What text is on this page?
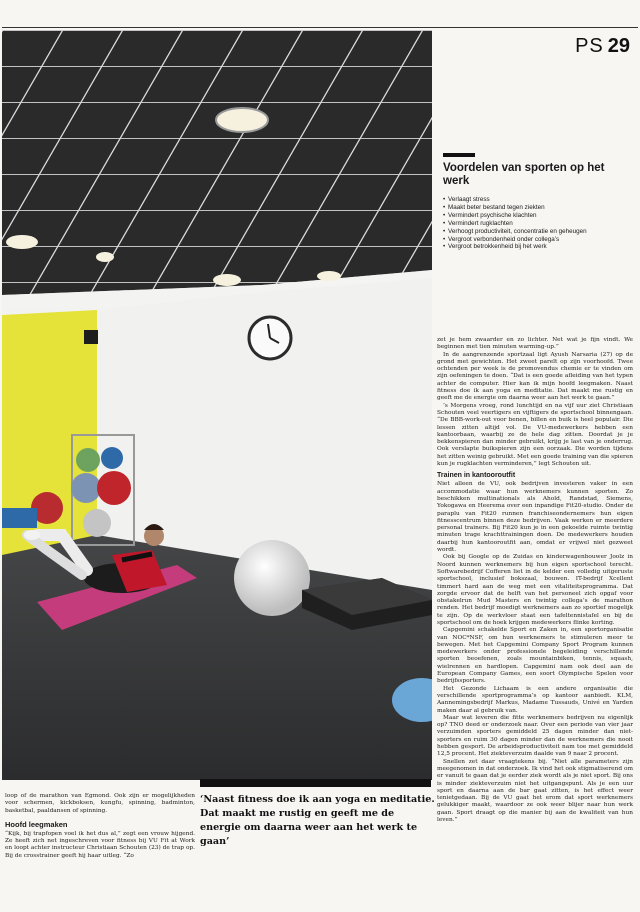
PS 29
Voordelen van sporten op het werk
• Verlaagt stress
• Maakt beter bestand tegen ziekten
• Vermindert psychische klachten
• Vermindert rugklachten
• Verhoogt productiviteit, concentratie en geheugen
• Vergroot verbondenheid onder collega’s
• Vergroot betrokkenheid bij het werk

zet je hem zwaarder en zo lichter. Net wat je fijn vindt. We beginnen met tien minuten warming-up.”

In de aangrenzende sportzaal ligt Ayush Narsaria (27) op de grond met gewichten. Het zweet parelt op zijn voorhoofd. Twee ochtenden per week is de promovendus chemie er te vinden om zijn oefeningen te doen. “Dat is een goede afleiding van het typen achter de computer. Hier kan ik mijn hoofd leegmaken. Naast fitness doe ik aan yoga en meditatie. Dat maakt me rustig en geeft me de energie om daarna weer aan het werk te gaan.”

’s Morgens vroeg, rond lunchtijd en na vijf uur ziet Christiaan Schouten veel veertigers en vijftigers de sportschool binnengaan. “De BBB-work-out voor benen, billen en buik is heel populair. Die lessen zitten altijd vol. De VU-medewerkers hebben een kantoorbaan, waarbij ze de hele dag zitten. Doordat je je bekkenspieren dan minder gebruikt, krijg je last van je onderrug. Ook verslapte buikspieren zijn een oorzaak. Die worden tijdens het zitten weinig gebruikt. Met een goede training van die spieren kun je rugklachten verminderen,” legt Schouten uit.

Trainen in kantooroutfit

Niet alleen de VU, ook bedrijven investeren vaker in een accommodatie waar hun werknemers kunnen sporten. Zo beschikken multinationals als Ahold, Randstad, Siemens, Yokogawa en Heerema over een inpandige Fit20-studio. Onder de paraplu van Fit20 runnen franchiseondernemers hun eigen fitnesscentrum binnen deze bedrijven. Vaak werken er meerdere personal trainers. Bij Fit20 kun je in een gekoelde ruimte twintig minuten trage krachttrainingen doen. De medewerkers houden daarbij hun kantooroutfit aan, omdat er vrijwel niet gezweet wordt.

Ook bij Google op de Zuidas en kinderwagenbouwer Joolz in Noord kunnen werknemers bij hun eigen sportschool terecht. Softwarebedrijf Cofferen liet in de kelder een volledig uitgeruste sportschool, inclusief bokszaal, bouwen. IT-bedrijf Xcellent timmert hard aan de weg met een vitaliteitsprogramma. Dat zorgde ervoor dat de helft van het personeel zich opgaf voor obstakelrun Mud Masters en twintig collega’s de marathon renden. Het bedrijf moedigt werknemers aan zo sportief mogelijk te zijn. Op de werkvloer staat een tafeltennistafel en bij de sportschool om de hoek krijgen medewerkers flinke korting.

Capgemini schakelde Sport en Zaken in, een sportorganisatie van NOC*NSF, om hun werknemers te stimuleren meer te bewegen. Met het Capgemini Company Sport Program kunnen medewerkers onder professionele begeleiding verschillende sporten beoefenen, zoals mountainbiken, tennis, squash, wielrennen en hardlopen. Capgemini nam ook deel aan de European Company Games, een soort Olympische Spelen voor bedrijfssporters.

Het Gezonde Lichaam is een andere organisatie die verschillende sportprogramma’s op kantoor aanbiedt. KLM, Aannemingsbedrijf Markus, Madame Tussauds, Univé en Yarden maken daar al gebruik van.

Maar wat leveren die fitte werknemers bedrijven nu eigenlijk op? TNO deed er onderzoek naar. Over een periode van vier jaar verzuimden sporters gemiddeld 25 dagen minder dan niet-sporters en ruim 30 dagen minder dan de werknemers die nooit hebben gesport. De arbeidsproductiviteit nam toe met gemiddeld 12,5 procent. Het ziekteverzuim daalde van 9 naar 2 procent.

Snellen zet daar vraagtekens bij. “Niet alle parameters zijn meegenomen in dat onderzoek. Ik vind het ook stigmatiserend om er vanuit te gaan dat je eerder ziek wordt als je niet sport. Bij ons is minder ziekteverzuim niet het uitgangspunt. Als je een uur sport en daarna aan de bar gaat zitten, is het effect weer tenietgedaan. Bij de VU gaat het erom dat sport werknemers gelukkiger maakt, waardoor ze ook weer blijer naar hun werk gaan. Sport draagt op die manier bij aan de kwaliteit van hun leven.”

loop of de marathon van Egmond. Ook zijn er mogelijkheden voor schermen, kickboksen, kungfu, spinning, badminton, basketbal, paaldansen of spinning.

Hoofd leegmaken

“Kijk, bij trapfopen voel ik het dus al,” zegt een vrouw hijgend. Ze heeft zich net ingeschreven voor fitness bij VU Fit at Work en loopt achter instructeur Christiaan Schouten (23) de trap op. Bij de crosstrainer geeft hij haar uitleg. “Zo

‘Naast fitness doe ik aan yoga en meditatie. Dat maakt me rustig en geeft me de energie om daarna weer aan het werk te gaan’
